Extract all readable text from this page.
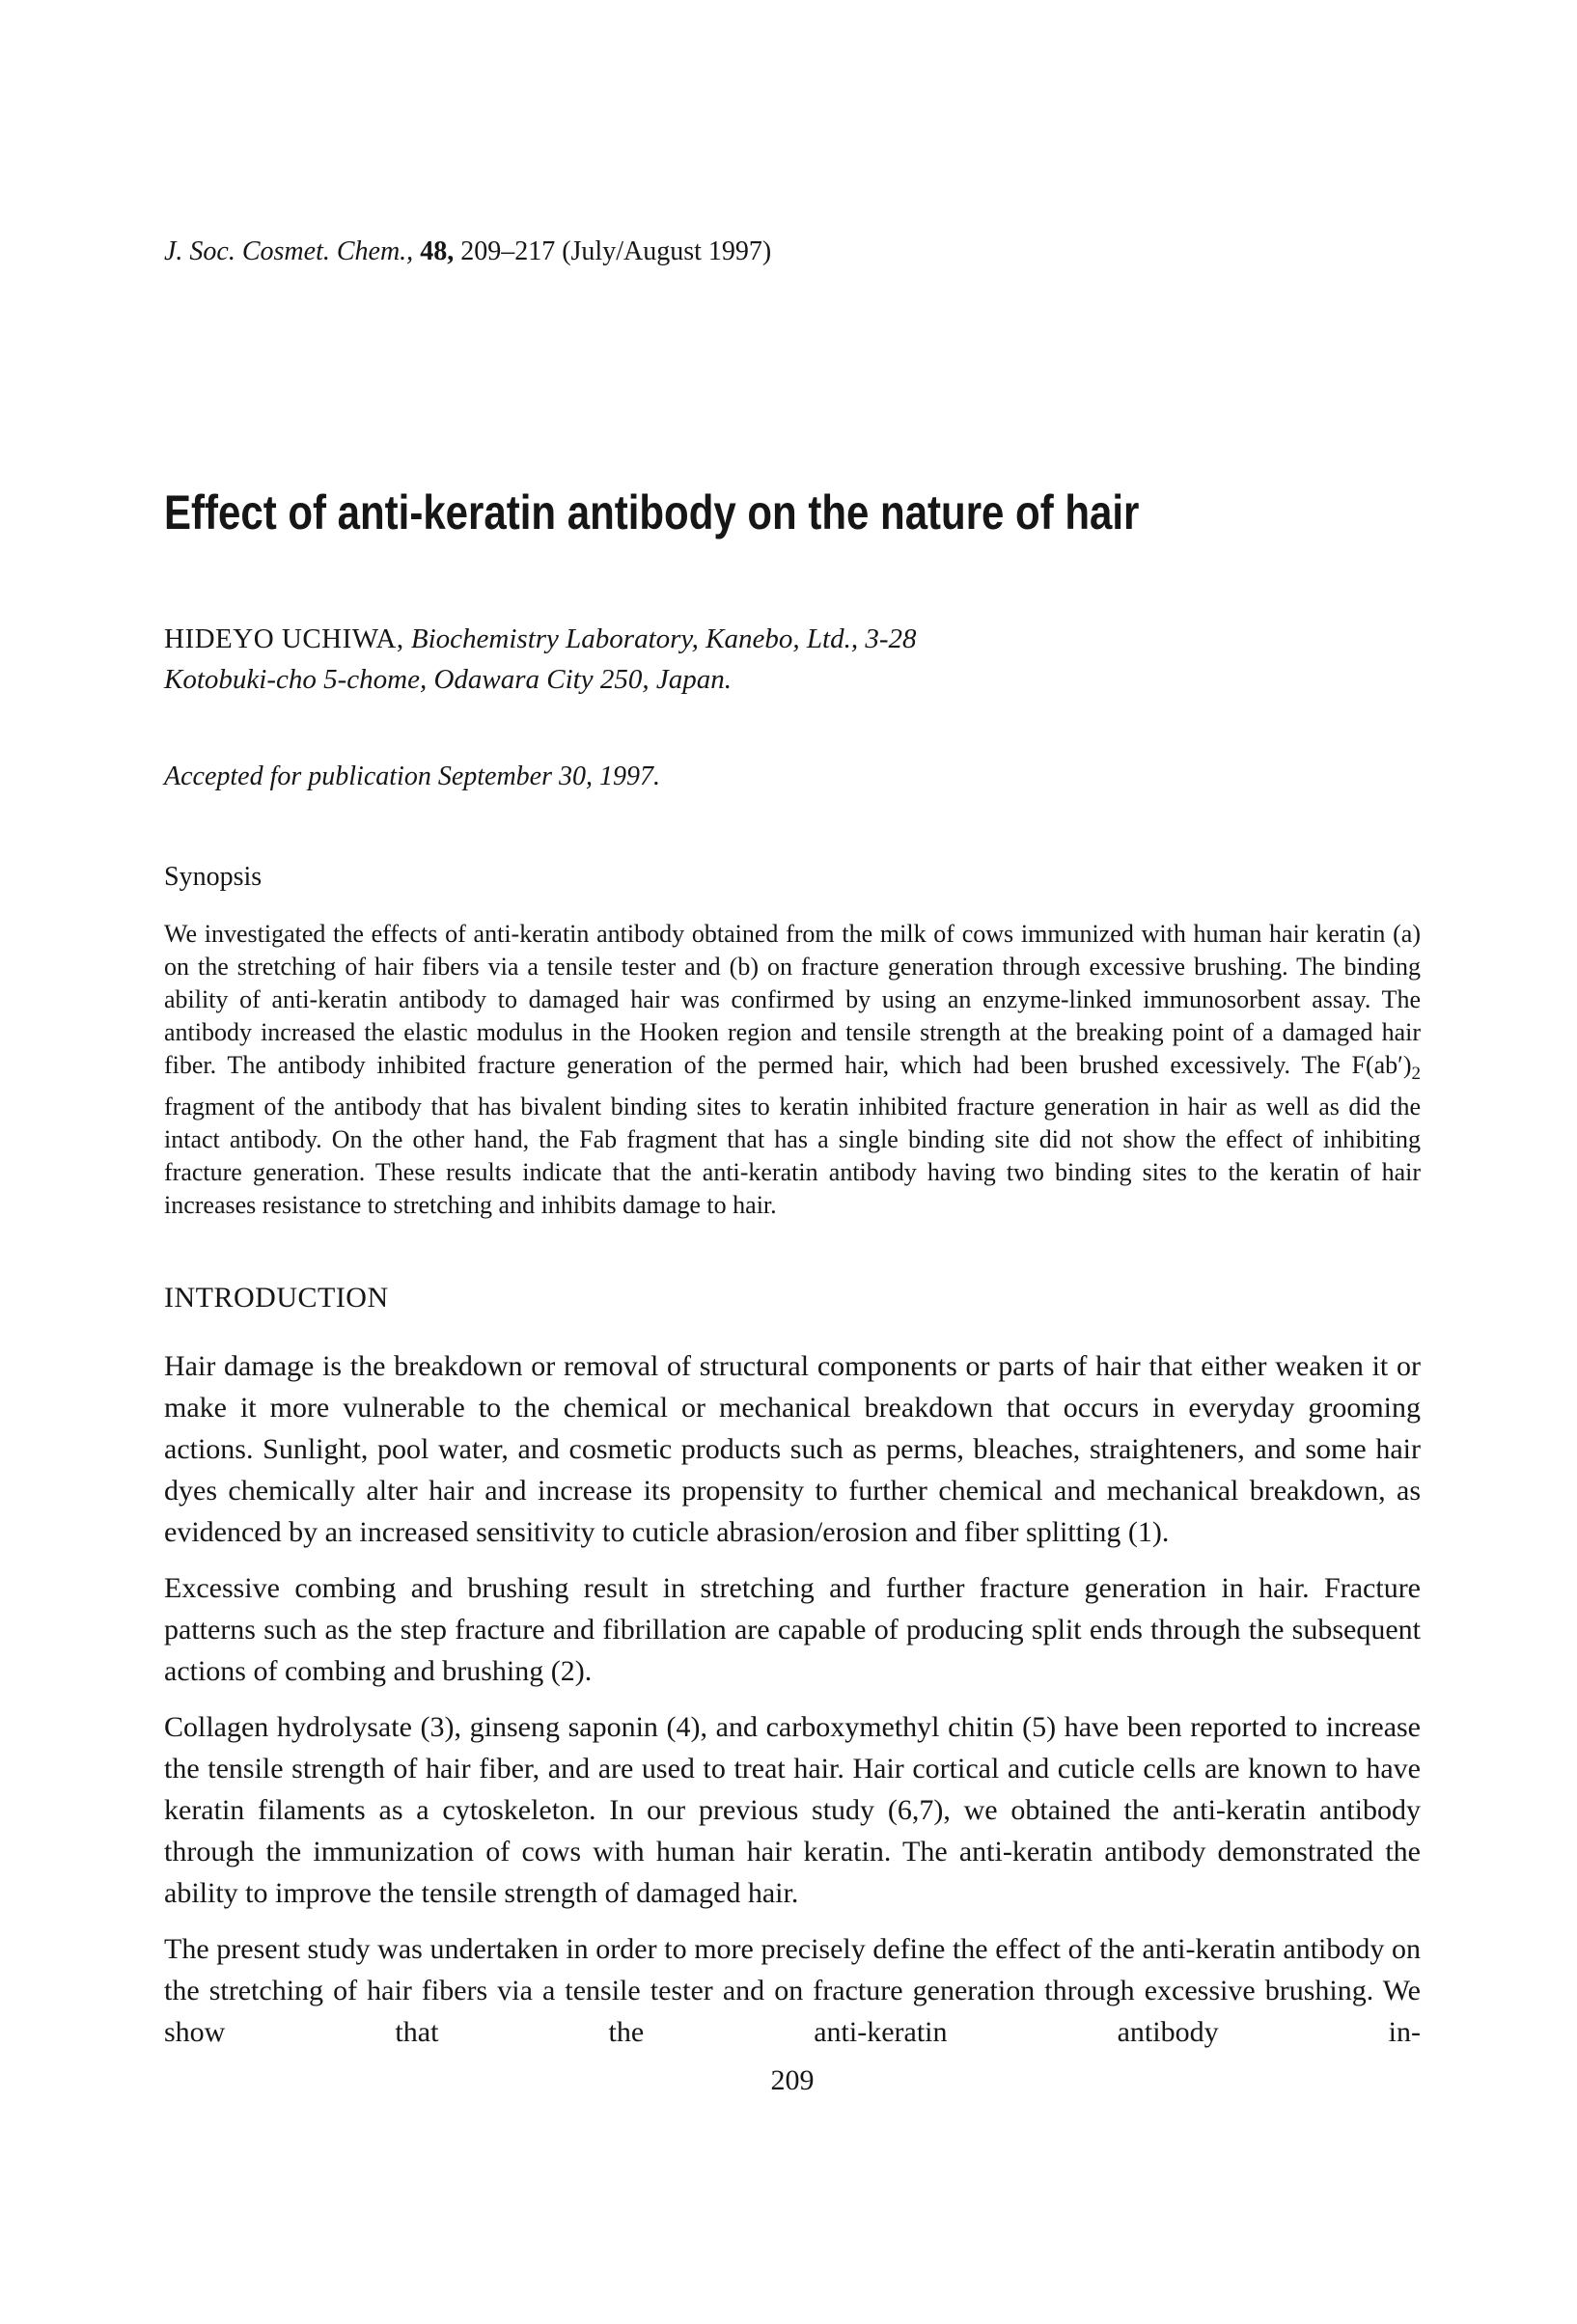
J. Soc. Cosmet. Chem., 48, 209–217 (July/August 1997)

Effect of anti-keratin antibody on the nature of hair

HIDEYO UCHIWA, Biochemistry Laboratory, Kanebo, Ltd., 3-28
Kotobuki-cho 5-chome, Odawara City 250, Japan.

Accepted for publication September 30, 1997.

Synopsis

We investigated the effects of anti-keratin antibody obtained from the milk of cows immunized with human hair keratin (a) on the stretching of hair fibers via a tensile tester and (b) on fracture generation through excessive brushing. The binding ability of anti-keratin antibody to damaged hair was confirmed by using an enzyme-linked immunosorbent assay. The antibody increased the elastic modulus in the Hooken region and tensile strength at the breaking point of a damaged hair fiber. The antibody inhibited fracture generation of the permed hair, which had been brushed excessively. The $F(ab')_2$ fragment of the antibody that has bivalent binding sites to keratin inhibited fracture generation in hair as well as did the intact antibody. On the other hand, the Fab fragment that has a single binding site did not show the effect of inhibiting fracture generation. These results indicate that the anti-keratin antibody having two binding sites to the keratin of hair increases resistance to stretching and inhibits damage to hair.

INTRODUCTION

Hair damage is the breakdown or removal of structural components or parts of hair that either weaken it or make it more vulnerable to the chemical or mechanical breakdown that occurs in everyday grooming actions. Sunlight, pool water, and cosmetic products such as perms, bleaches, straighteners, and some hair dyes chemically alter hair and increase its propensity to further chemical and mechanical breakdown, as evidenced by an increased sensitivity to cuticle abrasion/erosion and fiber splitting (1).

Excessive combing and brushing result in stretching and further fracture generation in hair. Fracture patterns such as the step fracture and fibrillation are capable of producing split ends through the subsequent actions of combing and brushing (2).

Collagen hydrolysate (3), ginseng saponin (4), and carboxymethyl chitin (5) have been reported to increase the tensile strength of hair fiber, and are used to treat hair. Hair cortical and cuticle cells are known to have keratin filaments as a cytoskeleton. In our previous study (6,7), we obtained the anti-keratin antibody through the immunization of cows with human hair keratin. The anti-keratin antibody demonstrated the ability to improve the tensile strength of damaged hair.

The present study was undertaken in order to more precisely define the effect of the anti-keratin antibody on the stretching of hair fibers via a tensile tester and on fracture generation through excessive brushing. We show that the anti-keratin antibody in-

209
